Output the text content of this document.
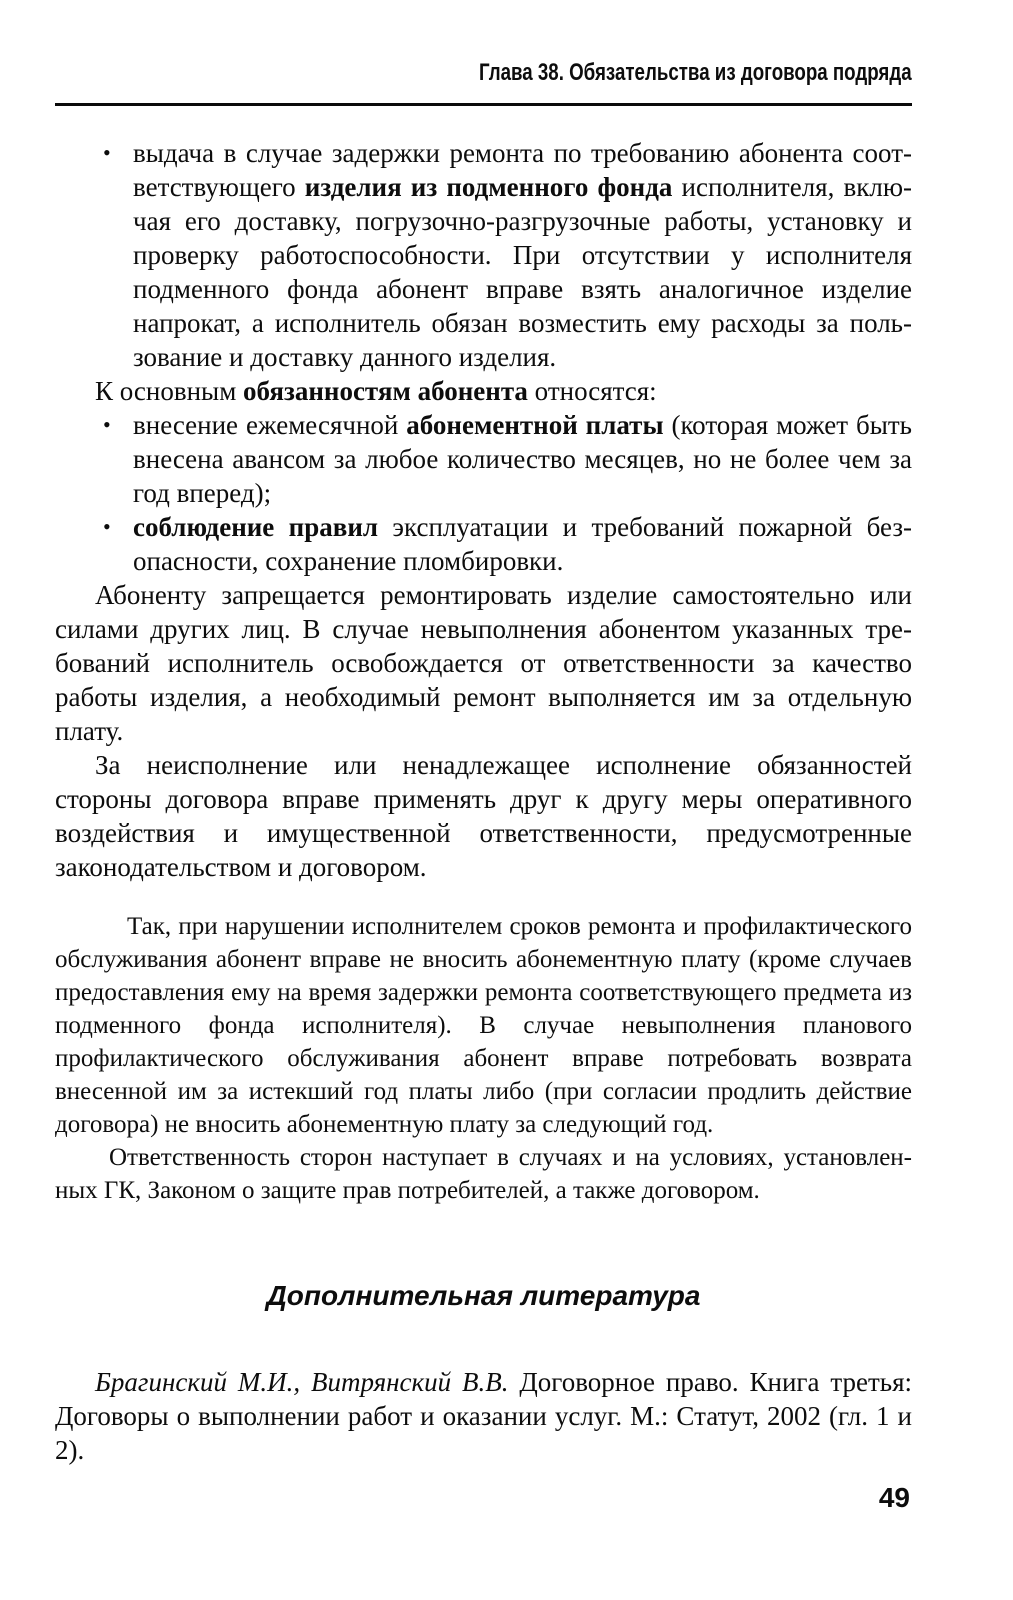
Глава 38. Обязательства из договора подряда
• выдача в случае задержки ремонта по требованию абонента соответствующего изделия из подменного фонда исполнителя, включая его доставку, погрузочно-разгрузочные работы, установку и проверку работоспособности. При отсутствии у исполнителя подменного фонда абонент вправе взять аналогичное изделие напрокат, а исполнитель обязан возместить ему расходы за пользование и доставку данного изделия.

К основным обязанностям абонента относятся:

• внесение ежемесячной абонементной платы (которая может быть внесена авансом за любое количество месяцев, но не более чем за год вперед);

• соблюдение правил эксплуатации и требований пожарной безопасности, сохранение пломбировки.

Абоненту запрещается ремонтировать изделие самостоятельно или силами других лиц. В случае невыполнения абонентом указанных требований исполнитель освобождается от ответственности за качество работы изделия, а необходимый ремонт выполняется им за отдельную плату.

За неисполнение или ненадлежащее исполнение обязанностей стороны договора вправе применять друг к другу меры оперативного воздействия и имущественной ответственности, предусмотренные законодательством и договором.

Так, при нарушении исполнителем сроков ремонта и профилактического обслуживания абонент вправе не вносить абонементную плату (кроме случаев предоставления ему на время задержки ремонта соответствующего предмета из подменного фонда исполнителя). В случае невыполнения планового профилактического обслуживания абонент вправе потребовать возврата внесенной им за истекший год платы либо (при согласии продлить действие договора) не вносить абонементную плату за следующий год.

Ответственность сторон наступает в случаях и на условиях, установленных ГК, Законом о защите прав потребителей, а также договором.

Дополнительная литература

Брагинский М.И., Витрянский В.В. Договорное право. Книга третья: Договоры о выполнении работ и оказании услуг. М.: Статут, 2002 (гл. 1 и 2).

49
